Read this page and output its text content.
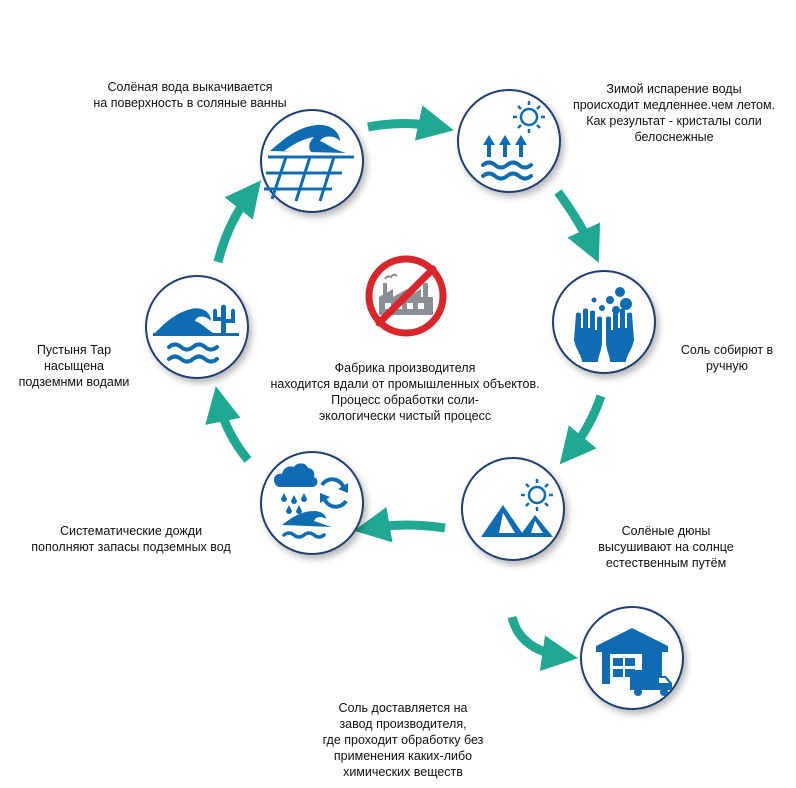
Солёная вода выкачивается
на поверхность в соляные ванны
Зимой испарение воды
происходит медленнее.чем летом.
Как результат - кристалы соли
белоснежные
Соль собирют в
ручную
Солёные дюны
высушивают на солнце
естественным путём
Систематические дожди
пополняют запасы подземных вод
Пустыня Тар
насыщена
подземнми водами
Соль доставляется на
завод производителя,
где проходит обработку без
применения каких-либо
химических веществ
Фабрика производителя
находится вдали от промышленных объектов.
Процесс обработки соли-
экологически чистый процесс
